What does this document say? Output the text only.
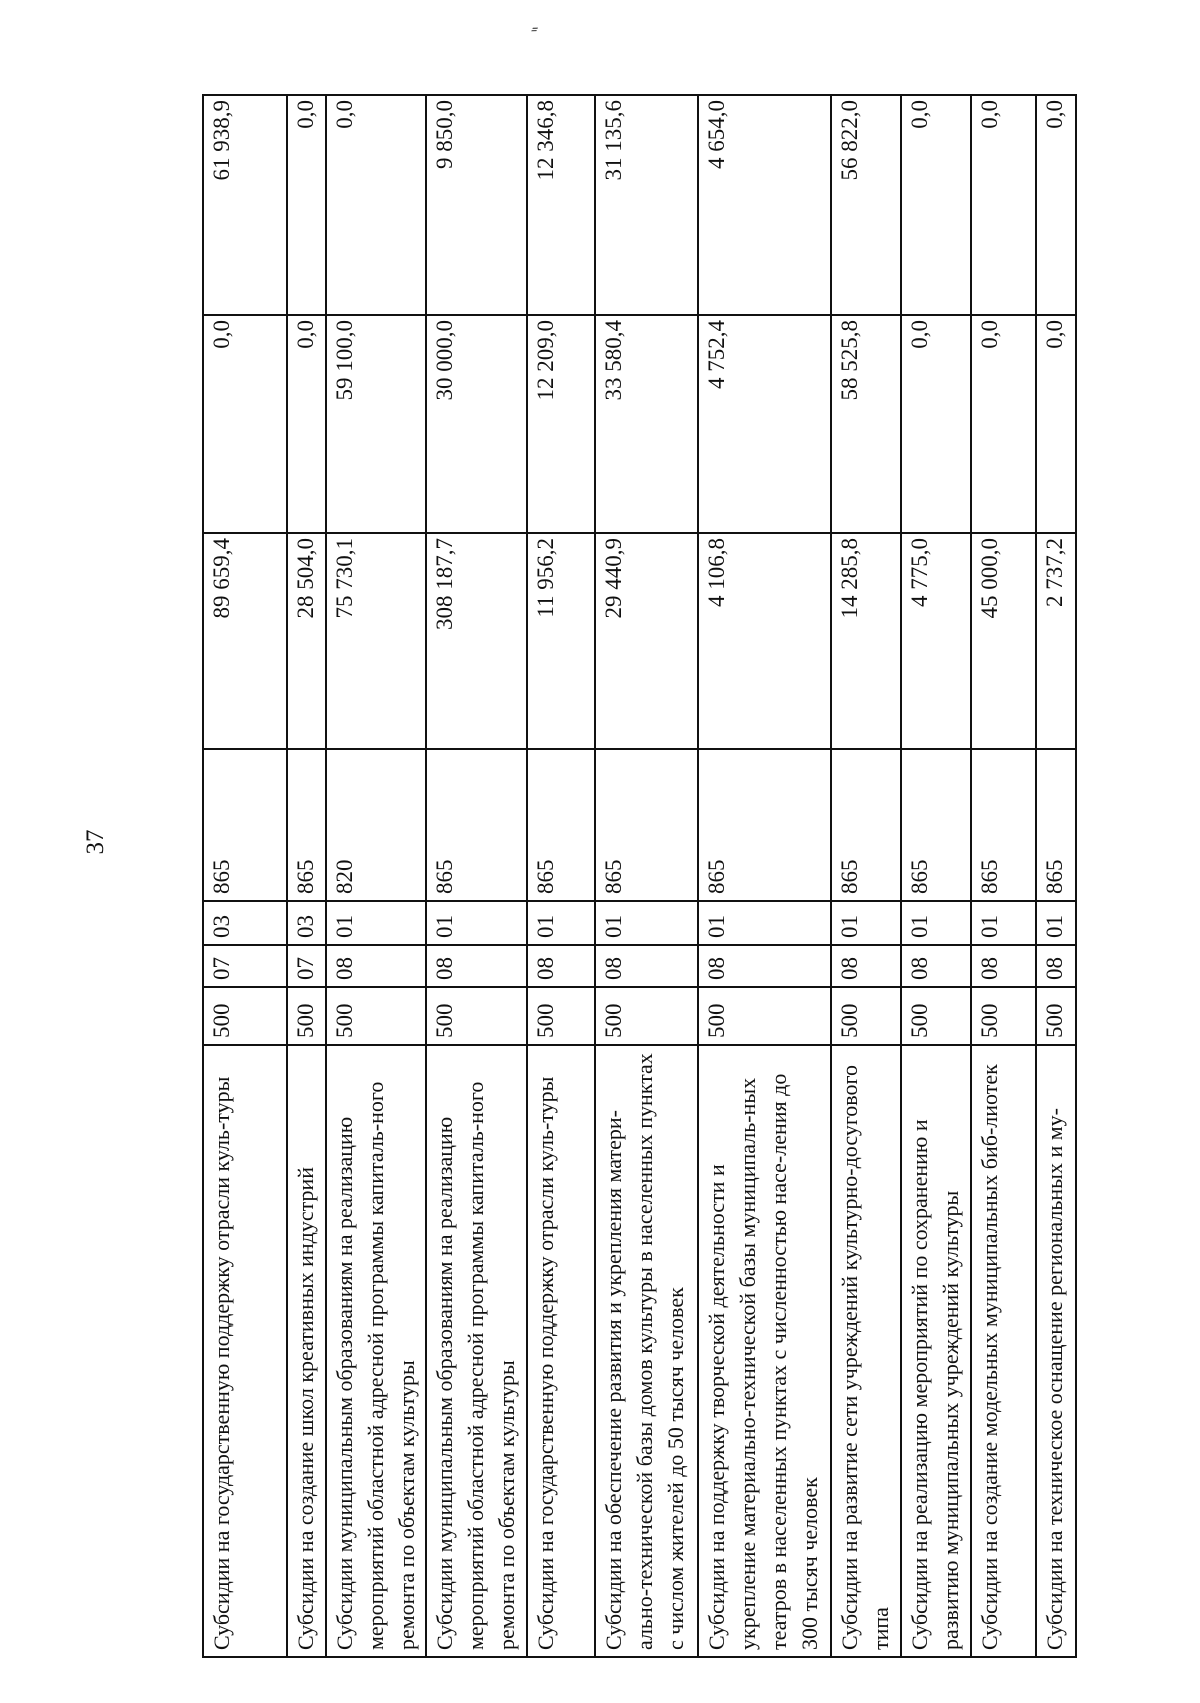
37
⸗
Субсидии на государственную поддержку отрасли куль-туры	500	07	03	865	89 659,4	0,0	61 938,9
Субсидии на создание школ креативных индустрий	500	07	03	865	28 504,0	0,0	0,0
Субсидии муниципальным образованиям на реализацию мероприятий областной адресной программы капиталь-ного ремонта по объектам культуры	500	08	01	820	75 730,1	59 100,0	0,0
Субсидии муниципальным образованиям на реализацию мероприятий областной адресной программы капиталь-ного ремонта по объектам культуры	500	08	01	865	308 187,7	30 000,0	9 850,0
Субсидии на государственную поддержку отрасли куль-туры	500	08	01	865	11 956,2	12 209,0	12 346,8
Субсидии на обеспечение развития и укрепления матери-ально-технической базы домов культуры в населенных пунктах с числом жителей до 50 тысяч человек	500	08	01	865	29 440,9	33 580,4	31 135,6
Субсидии на поддержку творческой деятельности и укрепление материально-технической базы муниципаль-ных театров в населенных пунктах с численностью насе-ления до 300 тысяч человек	500	08	01	865	4 106,8	4 752,4	4 654,0
Субсидии на развитие сети учреждений культурно-досугового типа	500	08	01	865	14 285,8	58 525,8	56 822,0
Субсидии на реализацию мероприятий по сохранению и развитию муниципальных учреждений культуры	500	08	01	865	4 775,0	0,0	0,0
Субсидии на создание модельных муниципальных биб-лиотек	500	08	01	865	45 000,0	0,0	0,0
Субсидии на техническое оснащение региональных и му-	500	08	01	865	2 737,2	0,0	0,0
